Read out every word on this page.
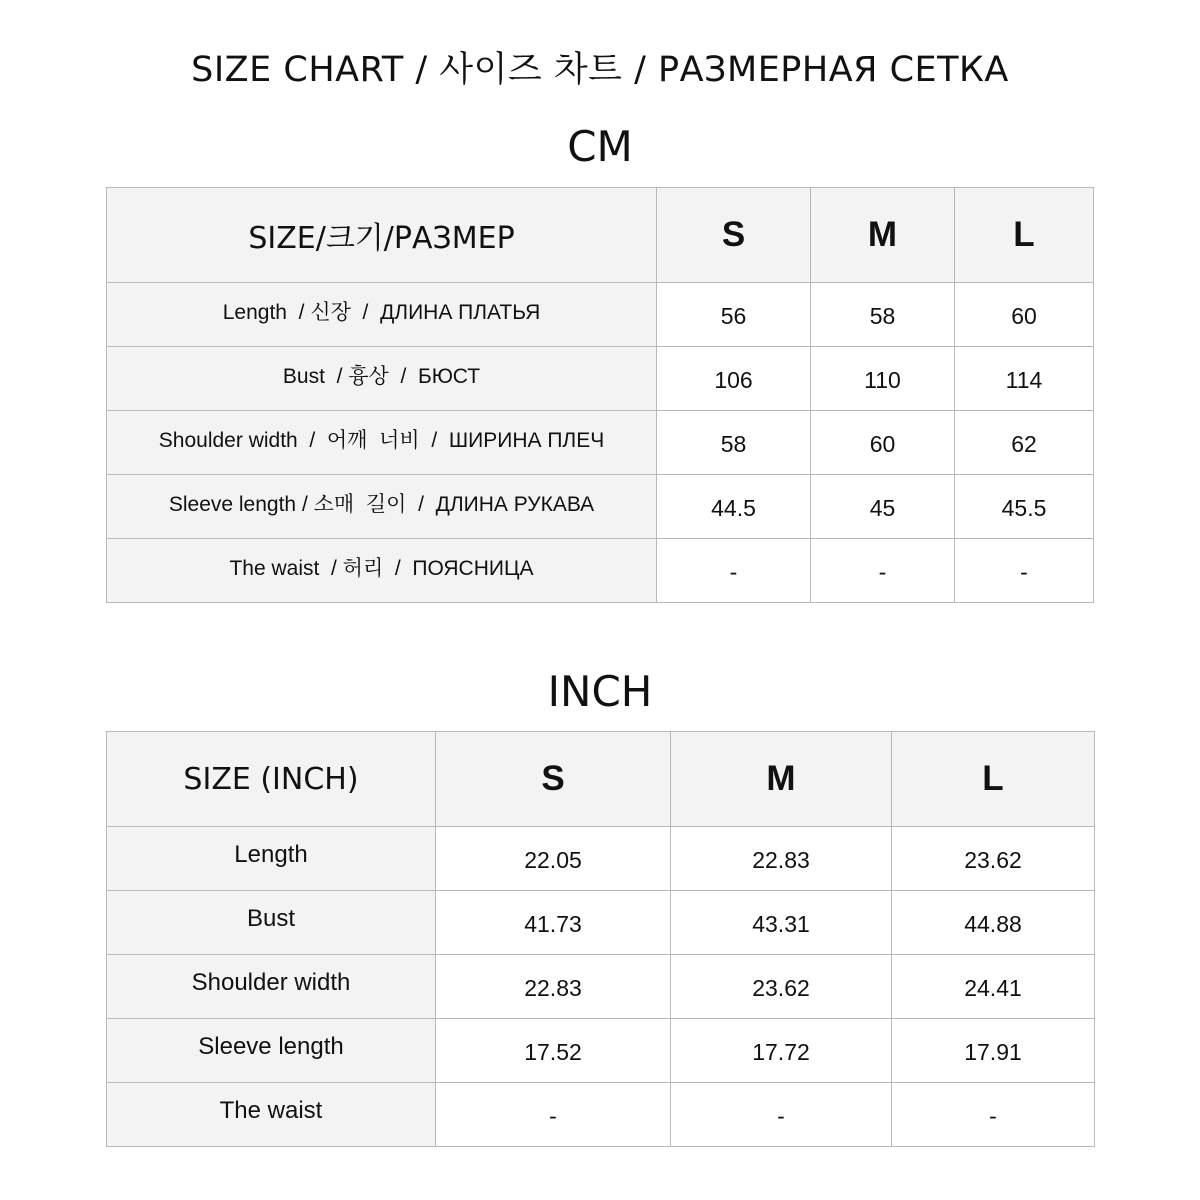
SIZE CHART / 사이즈 차트 / РАЗМЕРНАЯ СЕТКА
CM
SIZE/크기/РАЗМЕР	S	M	L
Length  / 신장  /  ДЛИНА ПЛАТЬЯ	56	58	60
Bust  / 흉상  /  БЮСТ	106	110	114
Shoulder width  /  어깨  너비  /  ШИРИНА ПЛЕЧ	58	60	62
Sleeve length / 소매  길이  /  ДЛИНА РУКАВА	44.5	45	45.5
The waist  / 허리  /  ПОЯСНИЦА	-	-	-
INCH
SIZE (INCH)	S	M	L
Length	22.05	22.83	23.62
Bust	41.73	43.31	44.88
Shoulder width	22.83	23.62	24.41
Sleeve length	17.52	17.72	17.91
The waist	-	-	-
